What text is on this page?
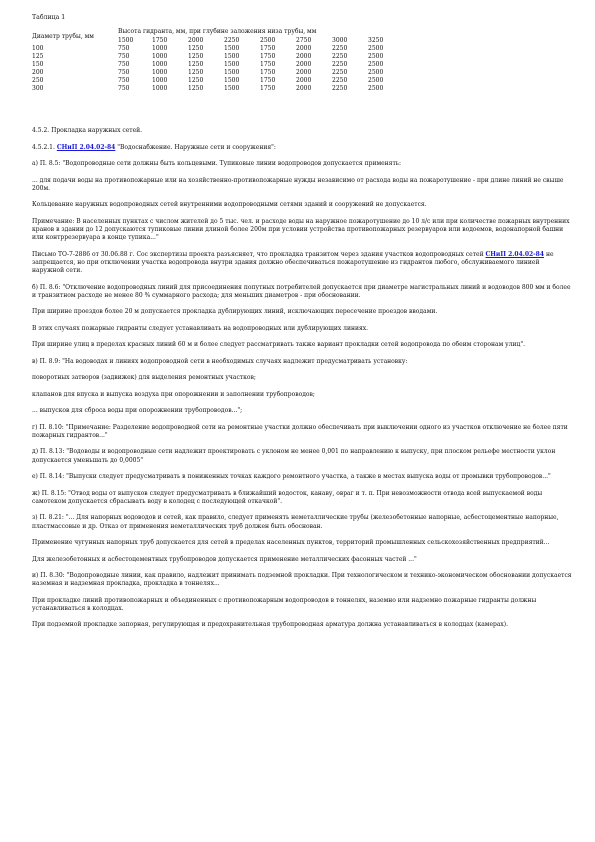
Таблица 1
Диаметр трубы, мм	Высота гидранта, мм, при глубине заложения низа трубы, мм							
	1500	1750	2000	2250	2500	2750	3000	3250
100	750	1000	1250	1500	1750	2000	2250	2500
125	750	1000	1250	1500	1750	2000	2250	2500
150	750	1000	1250	1500	1750	2000	2250	2500
200	750	1000	1250	1500	1750	2000	2250	2500
250	750	1000	1250	1500	1750	2000	2250	2500
300	750	1000	1250	1500	1750	2000	2250	2500
4.5.2. Прокладка наружных сетей.
4.5.2.1. СНиП 2.04.02-84 "Водоснабжение. Наружные сети и сооружения":
а) П. 8.5: "Водопроводные сети должны быть кольцевыми. Тупиковые линии водопроводов допускается применять:
... для подачи воды на противопожарные или на хозяйственно-противопожарные нужды независимо от расхода воды на пожаротушение - при длине линий не свыше 200м.
Кольцевание наружных водопроводных сетей внутренними водопроводными сетями зданий и сооружений не допускается.
Примечание: В населенных пунктах с числом жителей до 5 тыс. чел. и расходе воды на наружное пожаротушение до 10 л/с или при количестве пожарных внутренних кранов в здании до 12 допускаются тупиковые линии длиной более 200м при условии устройства противопожарных резервуаров или водоемов, водонапорной башни или контррезервуара в конце тупика..."
Письмо ТО-7-2886 от 30.06.88 г. Сос экспертизы проекта разъясняет, что прокладка транзитом через здания участков водопроводных сетей СНиП 2.04.02-84 не запрещается, но при отключении участка водопровода внутри здания должно обеспечиваться пожаротушение из гидрантов любого, обслуживаемого линией наружной сети.
б) П. 8.6: "Отключение водопроводных линий для присоединения попутных потребителей допускается при диаметре магистральных линий и водоводов 800 мм и более и транзитном расходе не менее 80 % суммарного расхода; для меньших диаметров - при обосновании.
При ширине проездов более 20 м допускается прокладка дублирующих линий, исключающих пересечение проездов вводами.
В этих случаях пожарные гидранты следует устанавливать на водопроводных или дублирующих линиях.
При ширине улиц в пределах красных линий 60 м и более следует рассматривать также вариант прокладки сетей водопровода по обеим сторонам улиц".
в) П. 8.9: "На водоводах и линиях водопроводной сети в необходимых случаях надлежит предусматривать установку:
поворотных затворов (задвижек) для выделения ремонтных участков;
клапанов для впуска и выпуска воздуха при опорожнении и заполнении трубопроводов;
... выпусков для сброса воды при опорожнении трубопроводов...";
г) П. 8.10: "Примечание: Разделение водопроводной сети на ремонтные участки должно обеспечивать при выключении одного из участков отключение не более пяти пожарных гидрантов..."
д) П. 8.13: "Водоводы и водопроводные сети надлежит проектировать с уклоном не менее 0,001 по направлению к выпуску, при плоском рельефе местности уклон допускается уменьшать до 0,0005"
е) П. 8.14: "Выпуски следует предусматривать в пониженных точках каждого ремонтного участка, а также в местах выпуска воды от промывки трубопроводов..."
ж) П. 8.15: "Отвод воды от выпусков следует предусматривать в ближайший водосток, канаву, овраг и т. п. При невозможности отвода всей выпускаемой воды самотеком допускается сбрасывать воду в колодец с последующей откачкой".
з) П. 8.21: "... Для напорных водоводов и сетей, как правило, следует применять неметаллические трубы (железобетонные напорные, асбестоцементные напорные, пластмассовые и др. Отказ от применения неметаллических труб должен быть обоснован.
Применение чугунных напорных труб допускается для сетей в пределах населенных пунктов, территорий промышленных сельскохозяйственных предприятий...
Для железобетонных и асбестоцементных трубопроводов допускается применение металлических фасонных частей ..."
и) П. 8.30: "Водопроводные линии, как правило, надлежит принимать подземной прокладки. При технологическом и технико-экономическом обосновании допускается наземная и надземная прокладка, прокладка в тоннелях...
При прокладке линий противопожарных и объединенных с противопожарным водопроводов в тоннелях, наземно или надземно пожарные гидранты должны устанавливаться в колодцах.
При подземной прокладке запорная, регулирующая и предохранительная трубопроводная арматура должна устанавливаться в колодцах (камерах).
